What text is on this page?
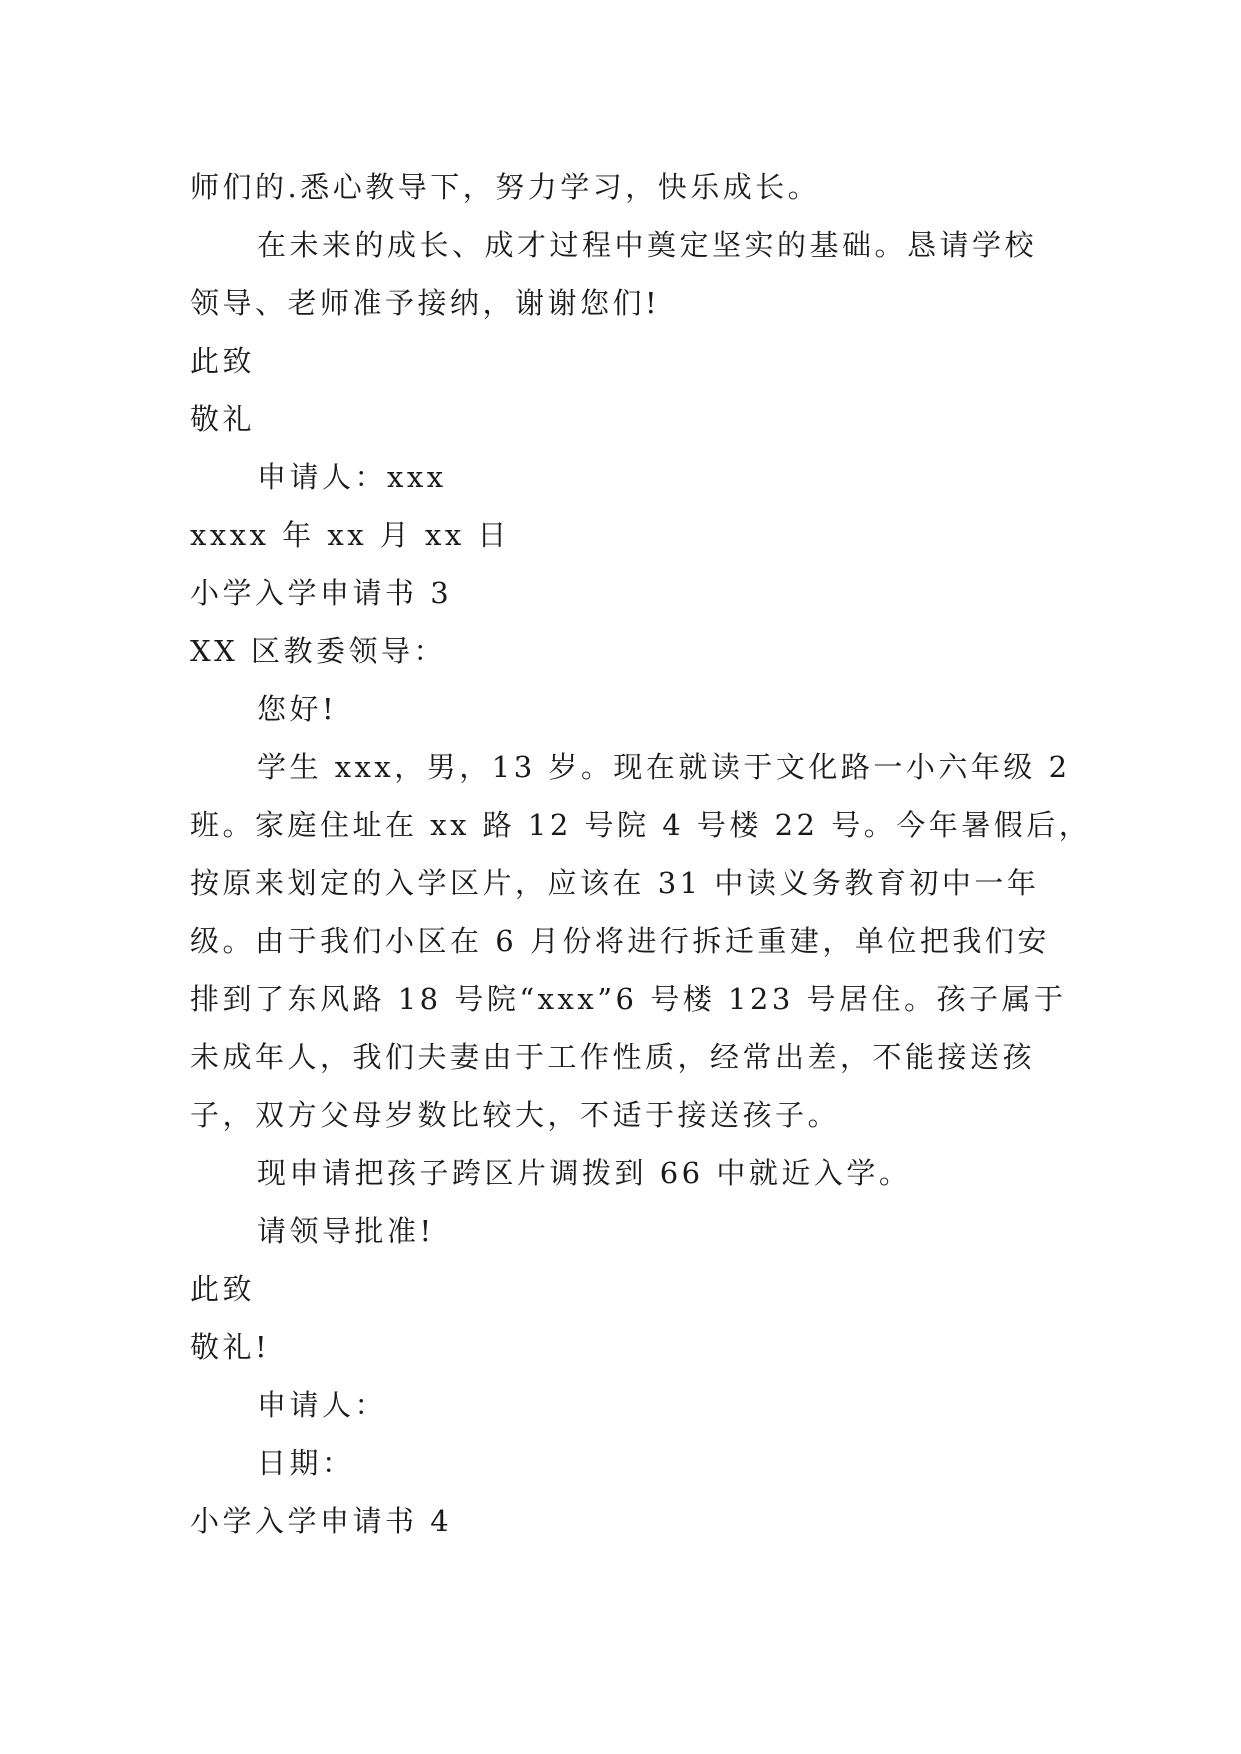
师们的.悉心教导下，努力学习，快乐成长。
在未来的成长、成才过程中奠定坚实的基础。恳请学校
领导、老师准予接纳，谢谢您们!
此致
敬礼
申请人：xxx
xxxx 年 xx 月 xx 日
小学入学申请书 3
XX 区教委领导：
您好!
学生 xxx，男，13 岁。现在就读于文化路一小六年级 2
班。家庭住址在 xx 路 12 号院 4 号楼 22 号。今年暑假后，
按原来划定的入学区片，应该在 31 中读义务教育初中一年
级。由于我们小区在 6 月份将进行拆迁重建，单位把我们安
排到了东风路 18 号院“xxx”6 号楼 123 号居住。孩子属于
未成年人，我们夫妻由于工作性质，经常出差，不能接送孩
子，双方父母岁数比较大，不适于接送孩子。
现申请把孩子跨区片调拨到 66 中就近入学。
请领导批准!
此致
敬礼!
申请人：
日期：
小学入学申请书 4
